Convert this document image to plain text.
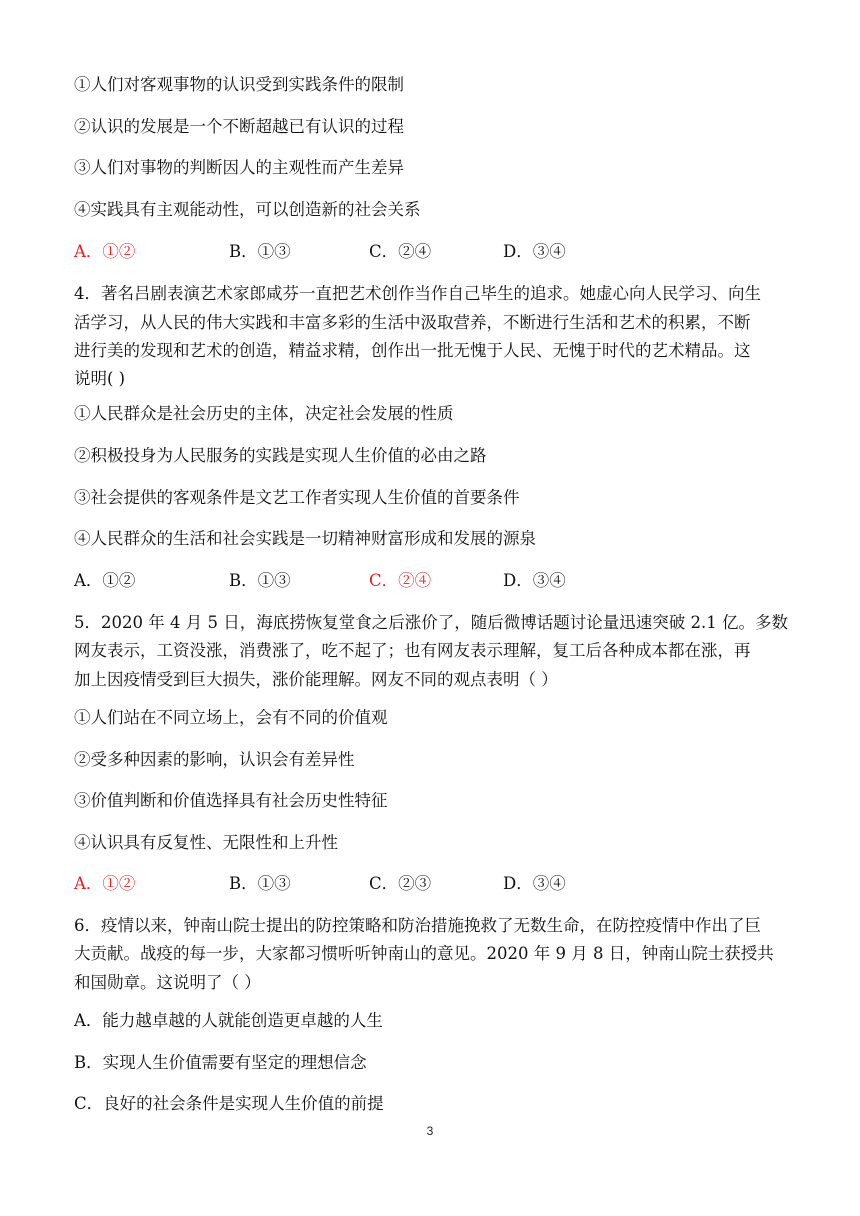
①人们对客观事物的认识受到实践条件的限制
②认识的发展是一个不断超越已有认识的过程
③人们对事物的判断因人的主观性而产生差异
④实践具有主观能动性，可以创造新的社会关系
A．①②	B．①③	C．②④	D．③④
4．著名吕剧表演艺术家郎咸芬一直把艺术创作当作自己毕生的追求。她虚心向人民学习、向生
活学习，从人民的伟大实践和丰富多彩的生活中汲取营养，不断进行生活和艺术的积累，不断
进行美的发现和艺术的创造，精益求精，创作出一批无愧于人民、无愧于时代的艺术精品。这
说明( )
①人民群众是社会历史的主体，决定社会发展的性质
②积极投身为人民服务的实践是实现人生价值的必由之路
③社会提供的客观条件是文艺工作者实现人生价值的首要条件
④人民群众的生活和社会实践是一切精神财富形成和发展的源泉
A．①②	B．①③	C．②④	D．③④
5．2020 年 4 月 5 日，海底捞恢复堂食之后涨价了，随后微博话题讨论量迅速突破 2.1 亿。多数
网友表示，工资没涨，消费涨了，吃不起了；也有网友表示理解，复工后各种成本都在涨，再
加上因疫情受到巨大损失，涨价能理解。网友不同的观点表明（ ）
①人们站在不同立场上，会有不同的价值观
②受多种因素的影响，认识会有差异性
③价值判断和价值选择具有社会历史性特征
④认识具有反复性、无限性和上升性
A．①②	B．①③	C．②③	D．③④
6．疫情以来，钟南山院士提出的防控策略和防治措施挽救了无数生命，在防控疫情中作出了巨
大贡献。战疫的每一步，大家都习惯听听钟南山的意见。2020 年 9 月 8 日，钟南山院士获授共
和国勋章。这说明了（ ）
A．能力越卓越的人就能创造更卓越的人生
B．实现人生价值需要有坚定的理想信念
C．良好的社会条件是实现人生价值的前提
3
